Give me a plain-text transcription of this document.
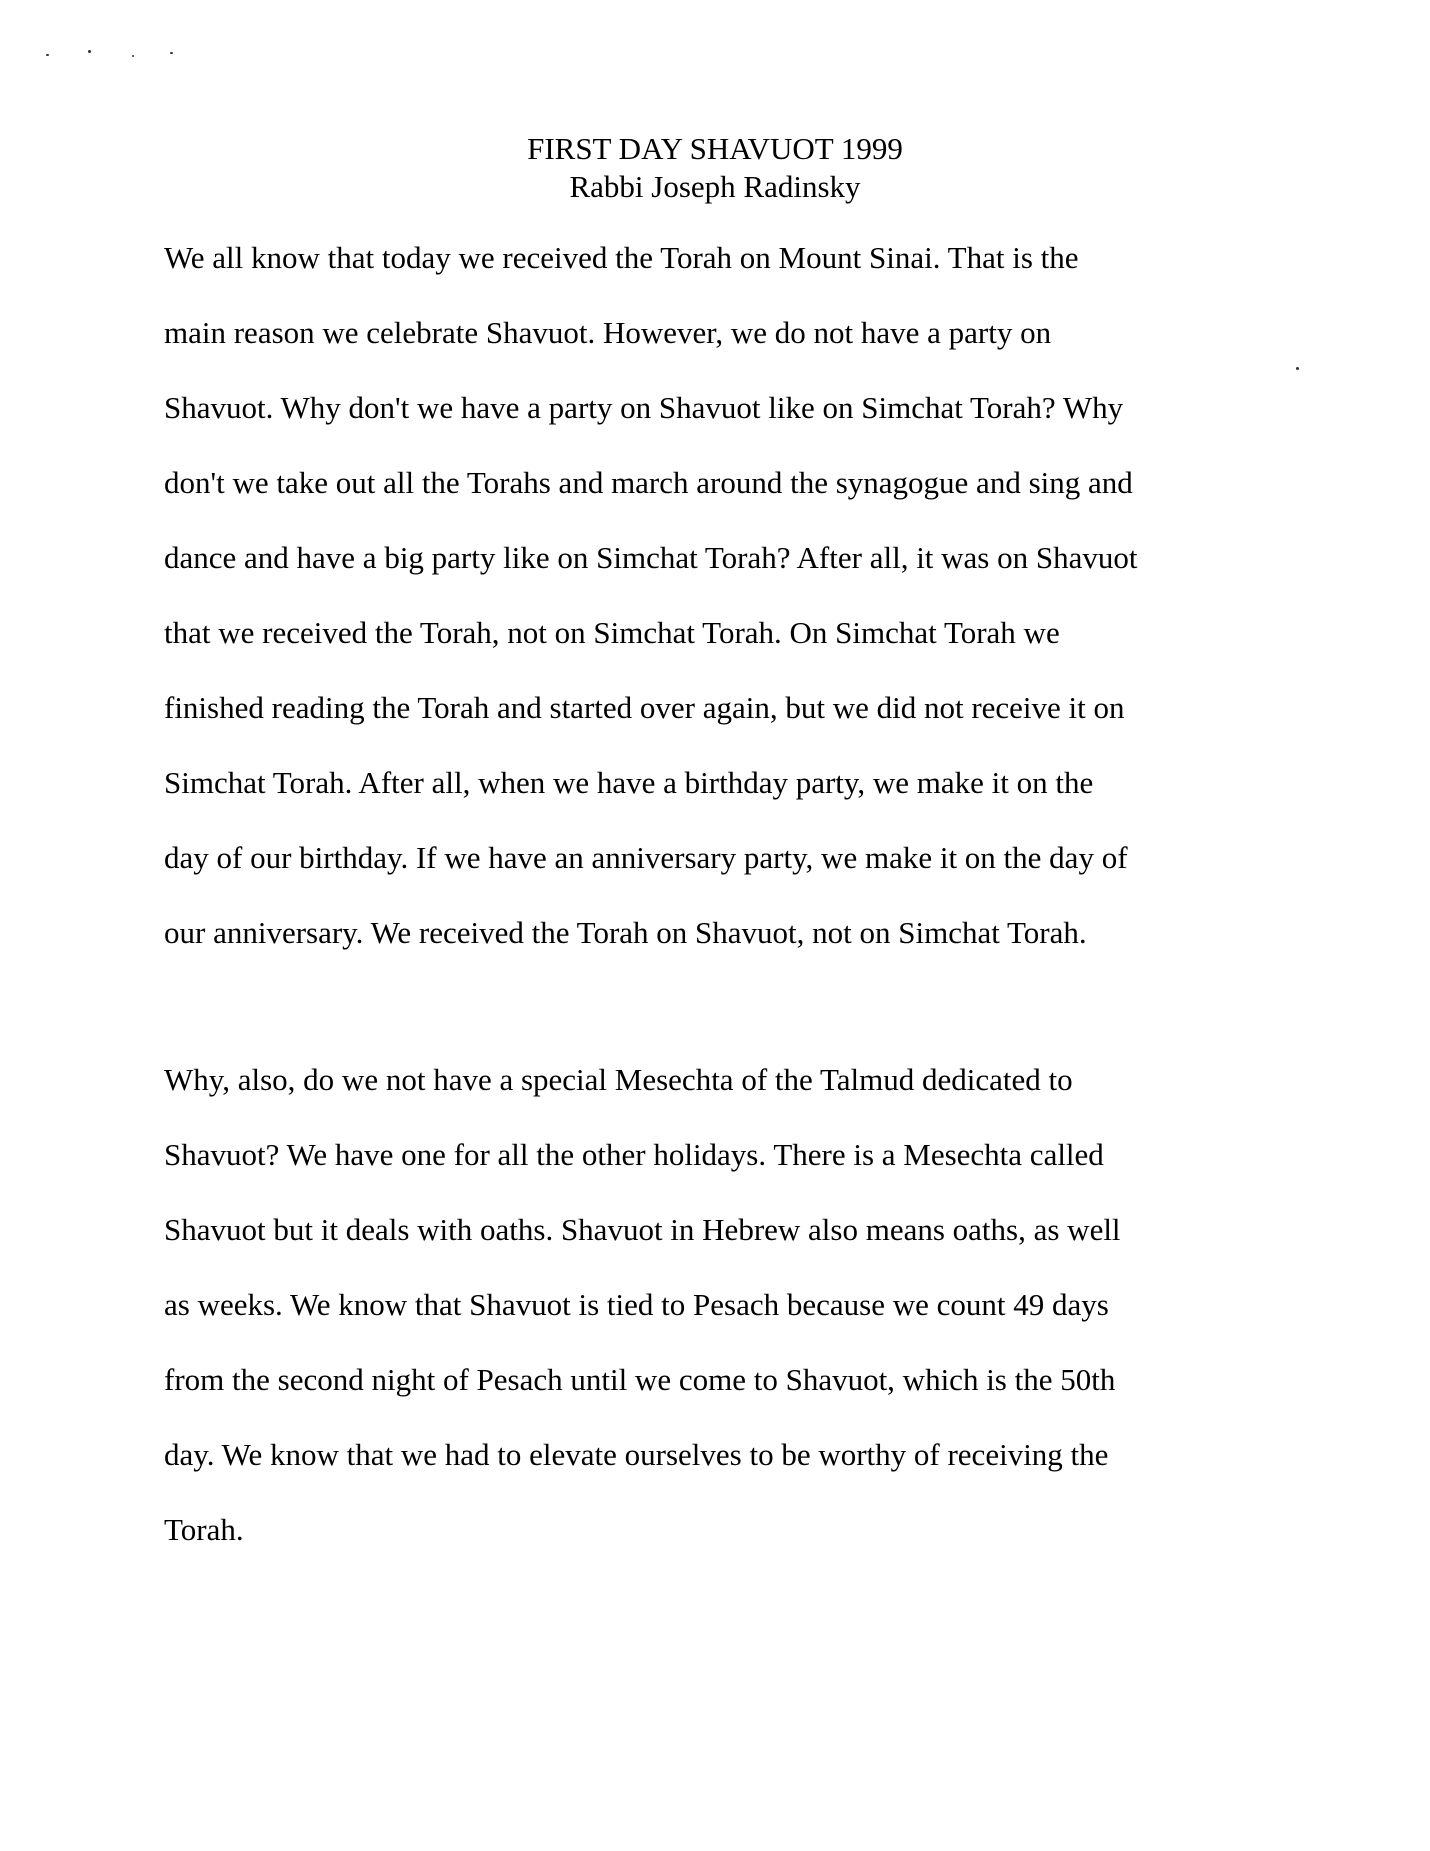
FIRST DAY SHAVUOT 1999
Rabbi Joseph Radinsky
We all know that today we received the Torah on Mount Sinai. That is the
main reason we celebrate Shavuot. However, we do not have a party on
Shavuot. Why don't we have a party on Shavuot like on Simchat Torah? Why
don't we take out all the Torahs and march around the synagogue and sing and
dance and have a big party like on Simchat Torah? After all, it was on Shavuot
that we received the Torah, not on Simchat Torah. On Simchat Torah we
finished reading the Torah and started over again, but we did not receive it on
Simchat Torah. After all, when we have a birthday party, we make it on the
day of our birthday. If we have an anniversary party, we make it on the day of
our anniversary. We received the Torah on Shavuot, not on Simchat Torah.
Why, also, do we not have a special Mesechta of the Talmud dedicated to
Shavuot? We have one for all the other holidays. There is a Mesechta called
Shavuot but it deals with oaths. Shavuot in Hebrew also means oaths, as well
as weeks. We know that Shavuot is tied to Pesach because we count 49 days
from the second night of Pesach until we come to Shavuot, which is the 50th
day. We know that we had to elevate ourselves to be worthy of receiving the
Torah.
